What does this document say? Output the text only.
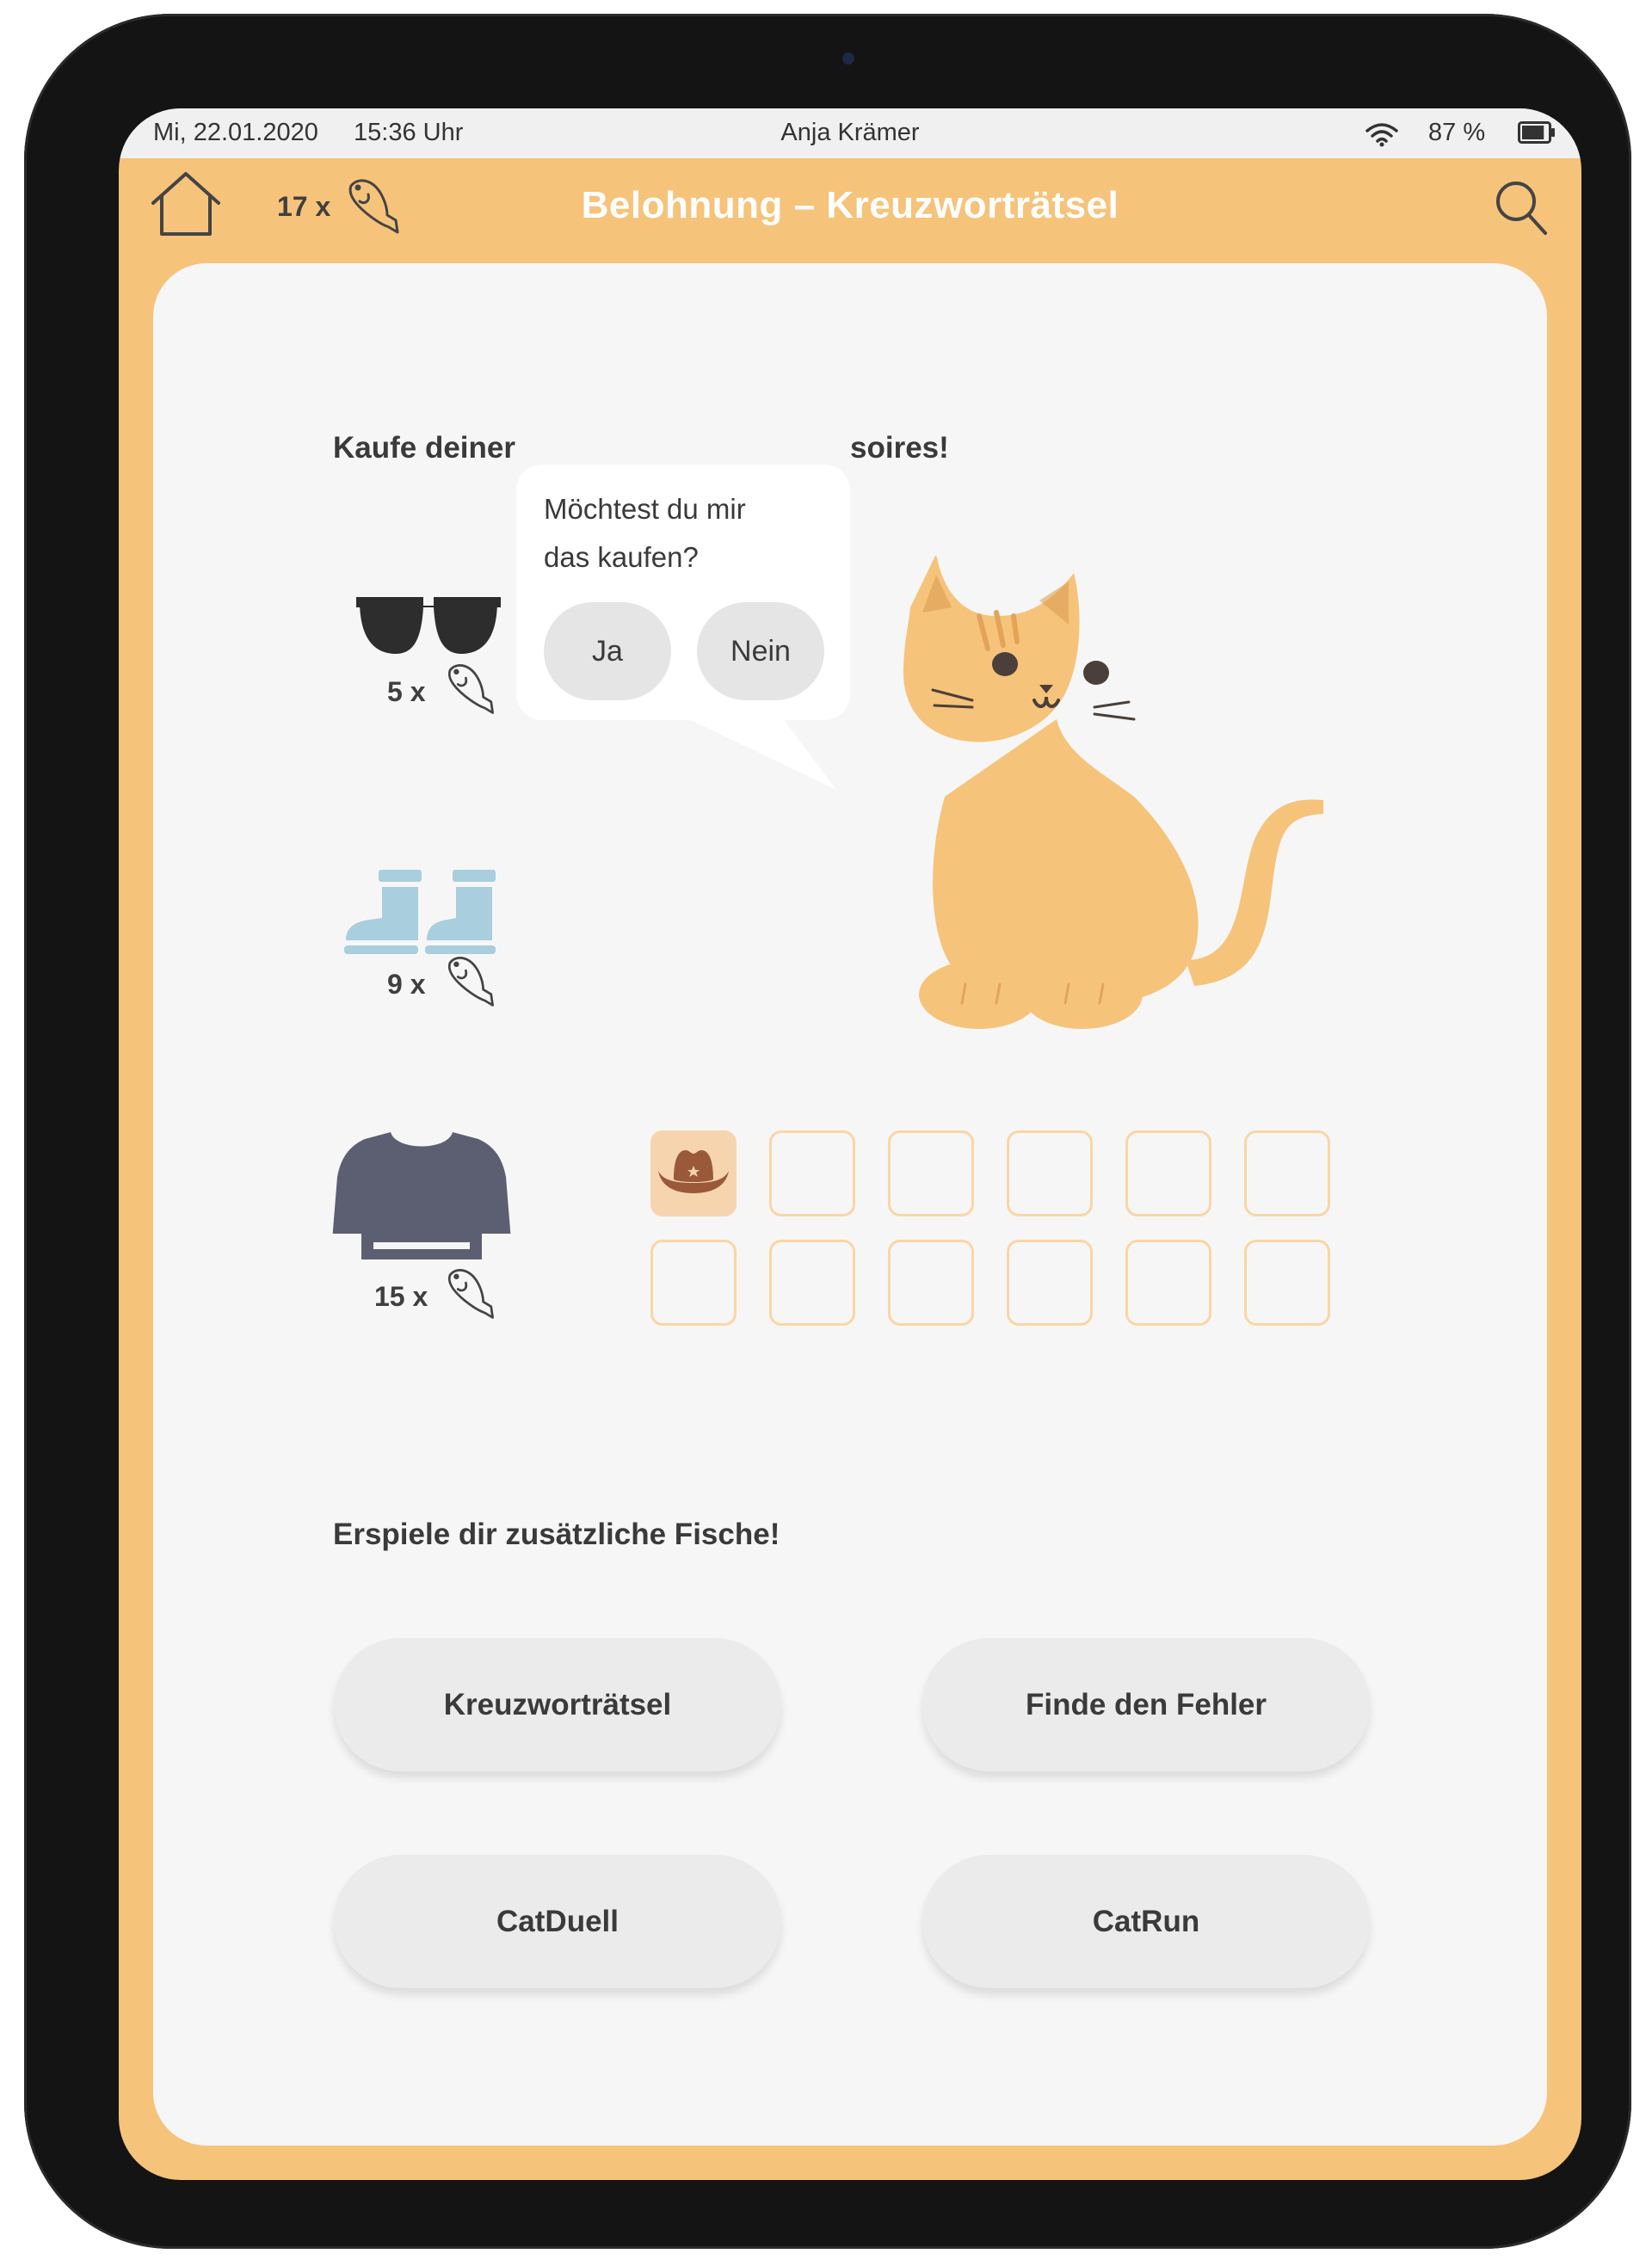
Mi, 22.01.2020 15:36 Uhr	Anja Krämer	87 %
17 x	Belohnung – Kreuzworträtsel
Kaufe deiner	soires!
5 x
9 x
15 x
Möchtest du mir
das kaufen?
Ja	Nein
Erspiele dir zusätzliche Fische!
Kreuzworträtsel	Finde den Fehler
CatDuell	CatRun
